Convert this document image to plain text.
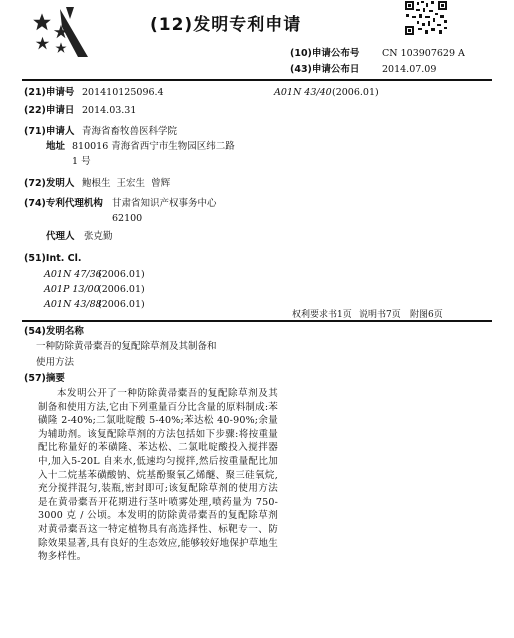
(12)发明专利申请
(10)申请公布号 CN 103907629 A
(43)申请公布日 2014.07.09
(21)申请号 201410125096.4	A01N 43/40 (2006.01)
(22)申请日 2014.03.31
(71)申请人 青海省畜牧兽医科学院
地址 810016 青海省西宁市生物园区纬二路
1 号
(72)发明人 鲍根生  王宏生  曾辉
(74)专利代理机构 甘肃省知识产权事务中心
62100
代理人 张克勤
(51)Int. Cl.
A01N 47/36
(2006.01)
A01P 13/00
(2006.01)
A01N 43/88
(2006.01)
权利要求书1页 说明书7页 附图6页
(54)发明名称
一种防除黄帚橐吾的复配除草剂及其制备和
使用方法
(57)摘要
本发明公开了一种防除黄帚橐吾的复配除草剂及其制备和使用方法,它由下列重量百分比含量的原料制成:苯磺隆 2-40%;二氯吡啶酸 5-40%;苯达松 40-90%;余量为辅助剂。该复配除草剂的方法包括如下步骤:将按重量配比称量好的苯磺隆、苯达松、二氯吡啶酸投入搅拌器中,加入5-20L 自来水,低速均匀搅拌,然后按重量配比加入十二烷基苯磺酸钠、烷基酚聚氧乙烯醚、聚三硅氧烷,充分搅拌混匀,装瓶,密封即可;该复配除草剂的使用方法是在黄帚橐吾开花期进行茎叶喷雾处理,喷药量为 750-3000 克 / 公顷。本发明的防除黄帚橐吾的复配除草剂对黄帚橐吾这一特定植物具有高选择性、标靶专一、防除效果显著,具有良好的生态效应,能够较好地保护草地生物多样性。
